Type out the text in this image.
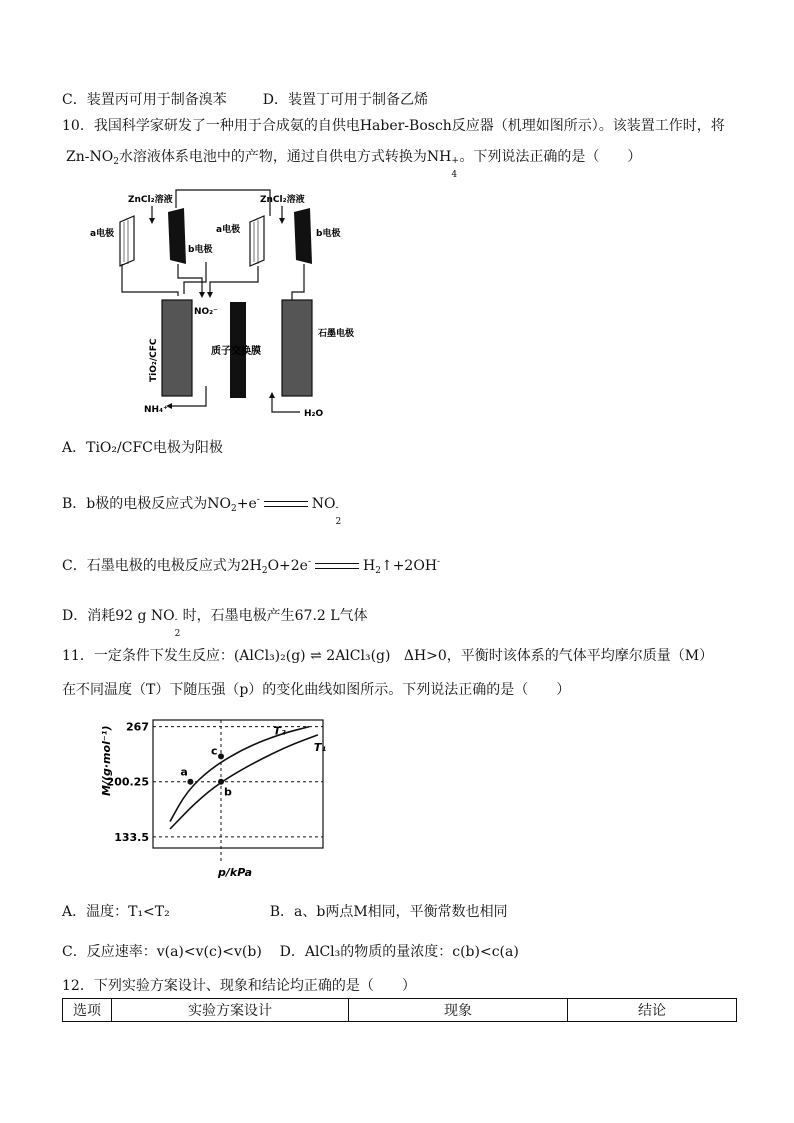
C．装置丙可用于制备溴苯	D．装置丁可用于制备乙烯
10．我国科学家研发了一种用于合成氨的自供电Haber-Bosch反应器（机理如图所示）。该装置工作时，将
$Zn-NO_2$水溶液体系电池中的产物，通过自供电方式转换为NH +
4
。下列说法正确的是（　　）
ZnCl₂溶液
a电极
b电极
ZnCl₂溶液
a电极	b电极
NO₂⁻
TiO₂/CFC	质子交换膜
石墨电极
NH₄⁺	H₂O
A．TiO₂/CFC电极为阳极
B．b极的电极反应式为$NO_2+e^-$	NO -
2
C．石墨电极的电极反应式为$2H_2O+2e^-$	$H_2↑+2OH^-$
D．消耗92 g NO -
2
时，石墨电极产生67.2 L气体
11．一定条件下发生反应：(AlCl₃)₂(g) ⇌ 2AlCl₃(g) ΔH>0，平衡时该体系的气体平均摩尔质量（M）
在不同温度（T）下随压强（p）的变化曲线如图所示。下列说法正确的是（　　）
M/(g·mol⁻¹)
p/kPa
267
200.25
133.5
T₂
T₁
a
b
c
A．温度：T₁<T₂	B．a、b两点M相同，平衡常数也相同
C．反应速率：v(a)<v(c)<v(b) D．AlCl₃的物质的量浓度：c(b)<c(a)
12．下列实验方案设计、现象和结论均正确的是（　　）
选项	实验方案设计	现象	结论
